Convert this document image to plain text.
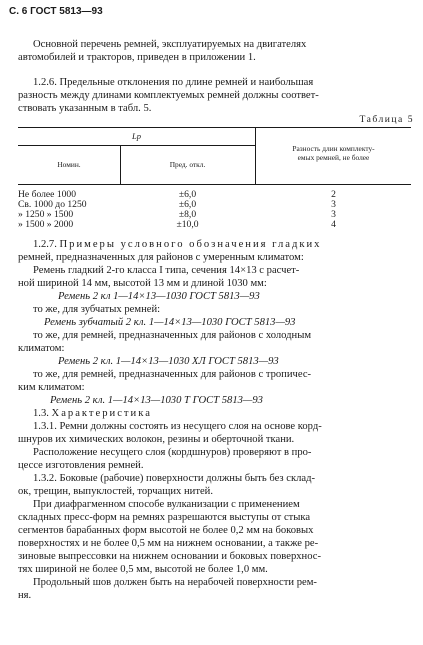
С. 6 ГОСТ 5813—93
Основной перечень ремней, эксплуатируемых на двигателях
автомобилей и тракторов, приведен в приложении 1.
1.2.6. Предельные отклонения по длине ремней и наибольшая
разность между длинами комплектуемых ремней должны соответ-
ствовать указанным в табл. 5.
Таблица 5
Lр
Номин.	Пред. откл.
Разность длин комплекту-
емых ремней, не более
Не более 1000	±6,0	2
Св. 1000 до 1250	±6,0	3
» 1250 » 1500	±8,0	3
» 1500 » 2000	±10,0	4
1.2.7. Примеры условного обозначения гладких
ремней, предназначенных для районов с умеренным климатом:
Ремень гладкий 2-го класса I типа, сечения 14×13 с расчет-
ной шириной 14 мм, высотой 13 мм и длиной 1030 мм:
Ремень 2 кл 1—14×13—1030 ГОСТ 5813—93
то же, для зубчатых ремней:
Ремень зубчатый 2 кл. 1—14×13—1030 ГОСТ 5813—93
то же, для ремней, предназначенных для районов с холодным
климатом:
Ремень 2 кл. 1—14×13—1030 ХЛ ГОСТ 5813—93
то же, для ремней, предназначенных для районов с тропичес-
ким климатом:
Ремень 2 кл. 1—14×13—1030 Т ГОСТ 5813—93
1.3. Характеристика
1.3.1. Ремни должны состоять из несущего слоя на основе корд-
шнуров их химических волокон, резины и оберточной ткани.
Расположение несущего слоя (кордшнуров) проверяют в про-
цессе изготовления ремней.
1.3.2. Боковые (рабочие) поверхности должны быть без склад-
ок, трещин, выпуклостей, торчащих нитей.
При диафрагменном способе вулканизации с применением
складных пресс-форм на ремнях разрешаются выступы от стыка
сегментов барабанных форм высотой не более 0,2 мм на боковых
поверхностях и не более 0,5 мм на нижнем основании, а также ре-
зиновые выпрессовки на нижнем основании и боковых поверхнос-
тях шириной не более 0,5 мм, высотой не более 1,0 мм.
Продольный шов должен быть на нерабочей поверхности рем-
ня.
